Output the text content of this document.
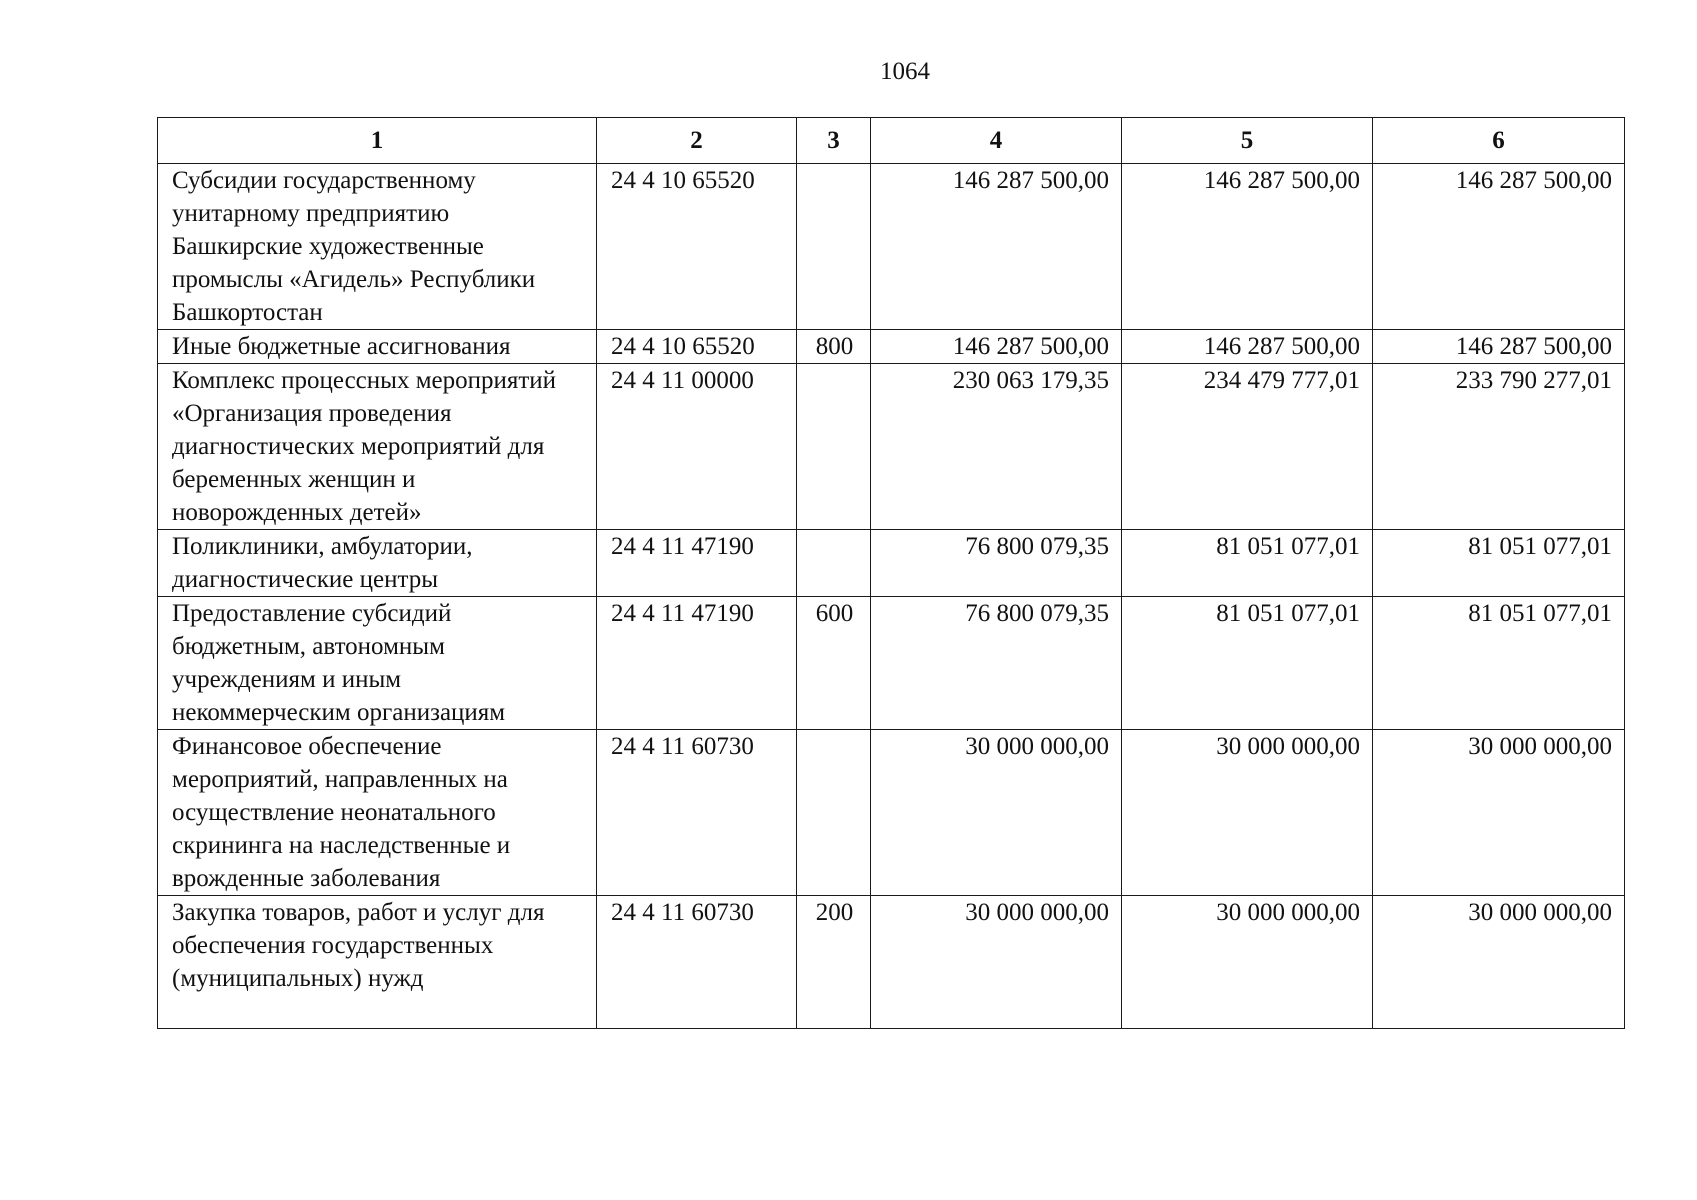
1064
1	2	3	4	5	6
Субсидии государственному унитарному предприятию Башкирские художественные промыслы «Агидель» Республики Башкортостан	24 4 10 65520		146 287 500,00	146 287 500,00	146 287 500,00
Иные бюджетные ассигнования	24 4 10 65520	800	146 287 500,00	146 287 500,00	146 287 500,00
Комплекс процессных мероприятий «Организация проведения диагностических мероприятий для беременных женщин и новорожденных детей»	24 4 11 00000		230 063 179,35	234 479 777,01	233 790 277,01
Поликлиники, амбулатории, диагностические центры	24 4 11 47190		76 800 079,35	81 051 077,01	81 051 077,01
Предоставление субсидий бюджетным, автономным учреждениям и иным некоммерческим организациям	24 4 11 47190	600	76 800 079,35	81 051 077,01	81 051 077,01
Финансовое обеспечение мероприятий, направленных на осуществление неонатального скрининга на наследственные и врожденные заболевания	24 4 11 60730		30 000 000,00	30 000 000,00	30 000 000,00
Закупка товаров, работ и услуг для обеспечения государственных (муниципальных) нужд	24 4 11 60730	200	30 000 000,00	30 000 000,00	30 000 000,00
